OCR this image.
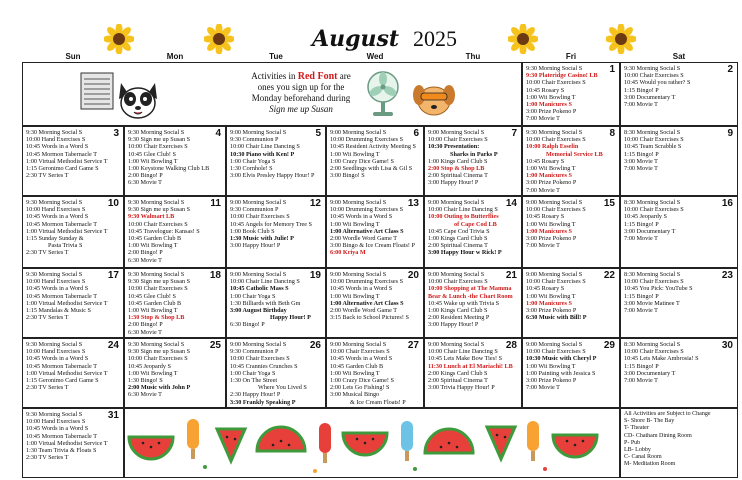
August 2025
Sun	Mon	Tue	Wed	Thu	Fri	Sat
Activities in Red Font are
ones you sign up for the
Monday beforehand during
Sign me up Susan
1
9:30 Morning Social S
9:30 Plateridge Casino! LB
10:00 Chair Exercises S
10:45 Rosary S
1:00 Wii Bowling T
1:00 Manicures S
3:00 Prize Pokeno P
7:00 Movie T
2
9:30 Morning Social S
10:00 Chair Exercises S
10:45 Would you rather? S
1:15 Bingo! P
3:00 Documentary T
7:00 Movie T
3
9:30 Morning Social S
10:00 Hand Exercises S
10:45 Words in a Word S
10:45 Mormon Tabernacle T
1:00 Virtual Methodist Service T
1:15 Geronimo Card Game S
2:30 TV Series T
4
9:30 Morning Social S
9:30 Sign me up Susan S
10:00 Chair Exercises S
10:45 Glee Club! S
1:00 Wii Bowling T
1:00 Keystone Walking Club LB
2:00 Bingo! P
6:30 Movie T
5
9:00 Morning Social S
9:30 Communion P
10:00 Chair Line Dancing S
10:30 Piano with Ken! P
1:00 Chair Yoga S
1:30 Cornhole! S
3:00 Elvis Presley Happy Hour! P
6
9:00 Morning Social S
10:00 Drumming Exercises S
10:45 Resident Activity Meeting S
1:00 Wii Bowling T
1:00 Crazy Dice Game! S
2:00 Seedlings with Lisa & Gil S
3:00 Bingo! S
7
9:00 Morning Social S
10:00 Chair Exercises S
10:30 Presentation:
Sharks in Parks P
1:00 Kings Card Club S
2:00 Stop & Shop LB
2:00 Spiritual Cinema T
3:00 Happy Hour! P
8
9:30 Morning Social S
10:00 Chair Exercises S
10:00 Ralph Esselin
Memorial Service LB
10:45 Rosary S
1:00 Wii Bowling T
1:00 Manicures S
3:00 Prize Pokeno P
7:00 Movie T
9
8:30 Morning Social S
10:00 Chair Exercises S
10:45 Team Scrabble S
1:15 Bingo! P
3:00 Movie T
7:00 Movie T
10
9:30 Morning Social S
10:00 Hand Exercises S
10:45 Words in a Word S
10:45 Mormon Tabernacle T
1:00 Virtual Methodist Service T
1:15 Sunday Sunday &
Pasta Trivia S
2:30 TV Series T
11
9:30 Morning Social S
9:30 Sign me up Susan S
9:30 Walmart LB
10:00 Chair Exercises S
10:45 Travelogue: Kansas! S
10:45 Garden Club B
1:00 Wii Bowling T
2:00 Bingo! P
6:30 Movie T
12
9:00 Morning Social S
9:30 Communion P
10:00 Chair Exercises S
10:45 Angels for Memory Tree S
1:00 Book Club S
1:30 Music with Julie! P
3:00 Happy Hour! P
13
9:00 Morning Social S
10:00 Drumming Exercises S
10:45 Words in a Word S
1:00 Wii Bowling T
1:00 Alternative Art Class S
2:00 Wordle Word Game T
3:00 Bingo & Ice Cream Floats! P
6:00 Kriya M
14
9:00 Morning Social S
10:00 Chair Line Dancing S
10:00 Outing to Butterflies
of Cape Cod LB
10:45 Cape Cod Trivia S
1:00 Kings Card Club S
2:00 Spiritual Cinema T
3:00 Happy Hour w Rick! P
15
9:00 Morning Social S
10:00 Chair Exercises S
10:45 Rosary S
1:00 Wii Bowling T
1:00 Manicures S
3:00 Prize Pokeno P
7:00 Movie T
16
8:30 Morning Social S
10:00 Chair Exercises S
10:45 Jeopardy S
1:15 Bingo! P
3:00 Documentary T
7:00 Movie T
17
9:30 Morning Social S
10:00 Hand Exercises S
10:45 Words in a Word S
10:45 Mormon Tabernacle T
1:00 Virtual Methodist Service T
1:15 Mandalas & Music S
2:30 TV Series T
18
9:30 Morning Social S
9:30 Sign me up Susan S
10:00 Chair Exercises S
10:45 Glee Club! S
10:45 Garden Club B
1:00 Wii Bowling T
1:30 Stop & Shop LB
2:00 Bingo! P
6:30 Movie T
19
9:00 Morning Social S
10:00 Chair Line Dancing S
10:45 Catholic Mass S
1:00 Chair Yoga S
1:30 Billiards with Beth Gm
3:00 August Birthday
Happy Hour! P
6:30 Bingo! P
20
9:00 Morning Social S
10:00 Drumming Exercises S
10:45 Words in a Word S
1:00 Wii Bowling T
1:00 Alternative Art Class S
2:00 Wordle Word Game T
3:15 Back to School Pictures! S
21
9:00 Morning Social S
10:00 Chair Exercises S
10:00 Shopping at The Mamma
Bear & Lunch -the Chart Room
10:45 Wake up with Trivia S
1:00 Kings Card Club S
2:00 Resident Meeting P
3:00 Happy Hour! P
22
9:00 Morning Social S
10:00 Chair Exercises S
10:45 Rosary S
1:00 Wii Bowling T
1:00 Manicures S
3:00 Prize Pokeno P
6:30 Music with Bill! P
23
8:30 Morning Social S
10:00 Chair Exercises S
10:45 You Pick: YouTube S
1:15 Bingo! P
3:00 Movie Matinee T
7:00 Movie T
24
9:30 Morning Social S
10:00 Hand Exercises S
10:45 Words in a Word S
10:45 Mormon Tabernacle T
1:00 Virtual Methodist Service T
1:15 Geronimo Card Game S
2:30 TV Series T
25
9:30 Morning Social S
9:30 Sign me up Susan S
10:00 Chair Exercises S
10:45 Jeopardy S
1:00 Wii Bowling T
1:30 Bingo! S
2:00 Music with John P
6:30 Movie T
26
9:00 Morning Social S
9:30 Communion P
10:00 Chair Exercises S
10:45 Crannies Crunches S
1:00 Chair Yoga S
1:30 On The Street
Where You Lived S
2:30 Happy Hour! P
3:30 Frankly Speaking P
27
9:00 Morning Social S
10:00 Chair Exercises S
10:45 Words in a Word S
10:45 Garden Club B
1:00 Wii Bowling T
1:00 Crazy Dice Game! S
2:00 Lets Go Fishing! S
3:00 Musical Bingo
& Ice Cream Floats! P
28
9:00 Morning Social S
10:00 Chair Line Dancing S
10:45 Lets Make Bow Ties! S
11:30 Lunch at El Mariachi! LB
2:00 Kings Card Club S
2:00 Spiritual Cinema T
3:00 Trivia Happy Hour! P
29
9:00 Morning Social S
10:00 Chair Exercises S
10:30 Music with Cheryl P
1:00 Wii Bowling T
1:00 Painting with Jessica S
3:00 Prize Pokeno P
7:00 Movie T
30
8:30 Morning Social S
10:00 Chair Exercises S
10:45 Lets Make Ambrosia! S
1:15 Bingo! P
3:00 Documentary T
7:00 Movie T
31
9:30 Morning Social S
10:00 Hand Exercises S
10:45 Words in a Word S
10:45 Mormon Tabernacle T
1:00 Virtual Methodist Service T
1:30 Team Trivia & Floats S
2:30 TV Series T
All Activities are Subject to Change
S- Shore B- The Bay
T- Theater
CD- Chatham Dining Room
P- Pub
LB- Lobby
C- Canal Room
M- Meditation Room
